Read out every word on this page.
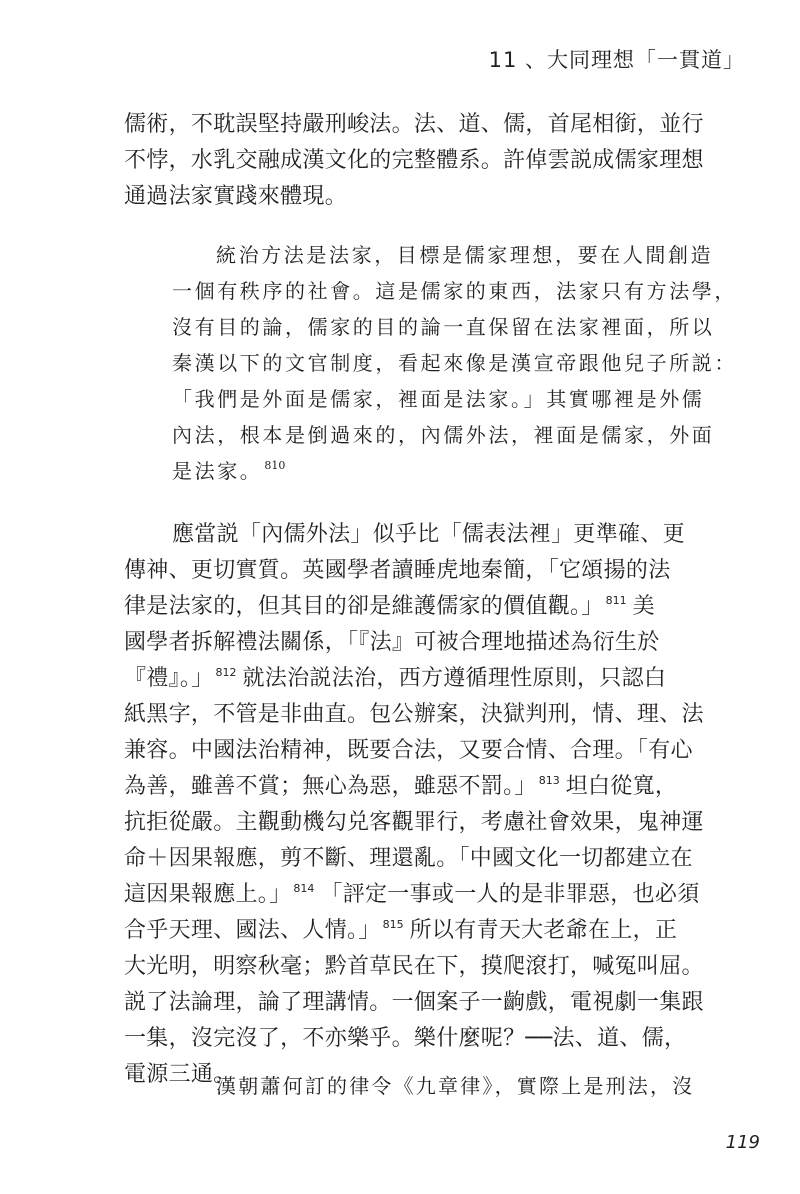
11 、大同理想「一貫道」
儒術，不耽誤堅持嚴刑峻法。法、道、儒，首尾相銜，並行
不悖，水乳交融成漢文化的完整體系。許倬雲説成儒家理想
通過法家實踐來體現。
統治方法是法家，目標是儒家理想，要在人間創造
一個有秩序的社會。這是儒家的東西，法家只有方法學，
沒有目的論，儒家的目的論一直保留在法家裡面，所以
秦漢以下的文官制度，看起來像是漢宣帝跟他兒子所説：
「我們是外面是儒家，裡面是法家。」其實哪裡是外儒
內法，根本是倒過來的，內儒外法，裡面是儒家，外面
是法家。 $^{810}$
應當説「內儒外法」似乎比「儒表法裡」更準確、更
傳神、更切實質。英國學者讀睡虎地秦簡，「它頌揚的法
律是法家的，但其目的卻是維護儒家的價值觀。」 $^{811}$ 美
國學者拆解禮法關係，「『法』可被合理地描述為衍生於
『禮』。」 $^{812}$ 就法治説法治，西方遵循理性原則，只認白
紙黑字，不管是非曲直。包公辦案，決獄判刑，情、理、法
兼容。中國法治精神，既要合法，又要合情、合理。「有心
為善，雖善不賞；無心為惡，雖惡不罰。」 $^{813}$ 坦白從寬，
抗拒從嚴。主觀動機勾兑客觀罪行，考慮社會效果，鬼神運
命＋因果報應，剪不斷、理還亂。「中國文化一切都建立在
這因果報應上。」 $^{814}$ 「評定一事或一人的是非罪惡，也必須
合乎天理、國法、人情。」 $^{815}$ 所以有青天大老爺在上，正
大光明，明察秋毫；黔首草民在下，摸爬滾打，喊冤叫屈。
説了法論理，論了理講情。一個案子一齣戲，電視劇一集跟
一集，沒完沒了，不亦樂乎。樂什麼呢？──法、道、儒，
電源三通。
漢朝蕭何訂的律令《九章律》，實際上是刑法，沒
119
